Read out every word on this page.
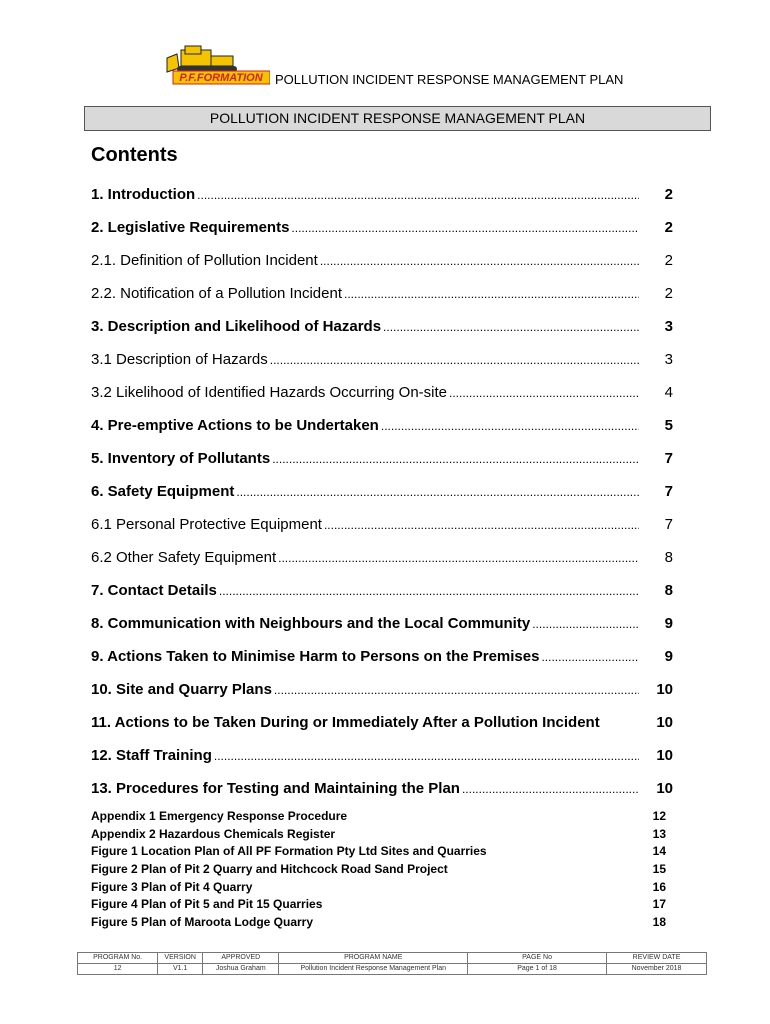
P.F.FORMATION POLLUTION INCIDENT RESPONSE MANAGEMENT PLAN
POLLUTION INCIDENT RESPONSE MANAGEMENT PLAN
Contents
1. Introduction .....	2
2. Legislative Requirements .....	2
2.1. Definition of Pollution Incident .....	2
2.2. Notification of a Pollution Incident .....	2
3. Description and Likelihood of Hazards .....	3
3.1 Description of Hazards .....	3
3.2 Likelihood of Identified Hazards Occurring On-site .....	4
4. Pre-emptive Actions to be Undertaken .....	5
5. Inventory of Pollutants .....	7
6. Safety Equipment .....	7
6.1 Personal Protective Equipment .....	7
6.2 Other Safety Equipment .....	8
7. Contact Details .....	8
8. Communication with Neighbours and the Local Community .....	9
9. Actions Taken to Minimise Harm to Persons on the Premises .....	9
10. Site and Quarry Plans .....	10
11. Actions to be Taken During or Immediately After a Pollution Incident	10
12. Staff Training .....	10
13. Procedures for Testing and Maintaining the Plan .....	10
Appendix 1 Emergency Response Procedure	12
Appendix 2 Hazardous Chemicals Register	13
Figure 1 Location Plan of All PF Formation Pty Ltd Sites and Quarries	14
Figure 2 Plan of Pit 2 Quarry and Hitchcock Road Sand Project	15
Figure 3 Plan of Pit 4 Quarry	16
Figure 4 Plan of Pit 5 and Pit 15 Quarries	17
Figure 5 Plan of Maroota Lodge Quarry	18
PROGRAM No.	VERSION	APPROVED	PROGRAM NAME	PAGE No	REVIEW DATE
12	V1.1	Joshua Graham	Pollution Incident Response Management Plan	Page 1 of 18	November 2018
